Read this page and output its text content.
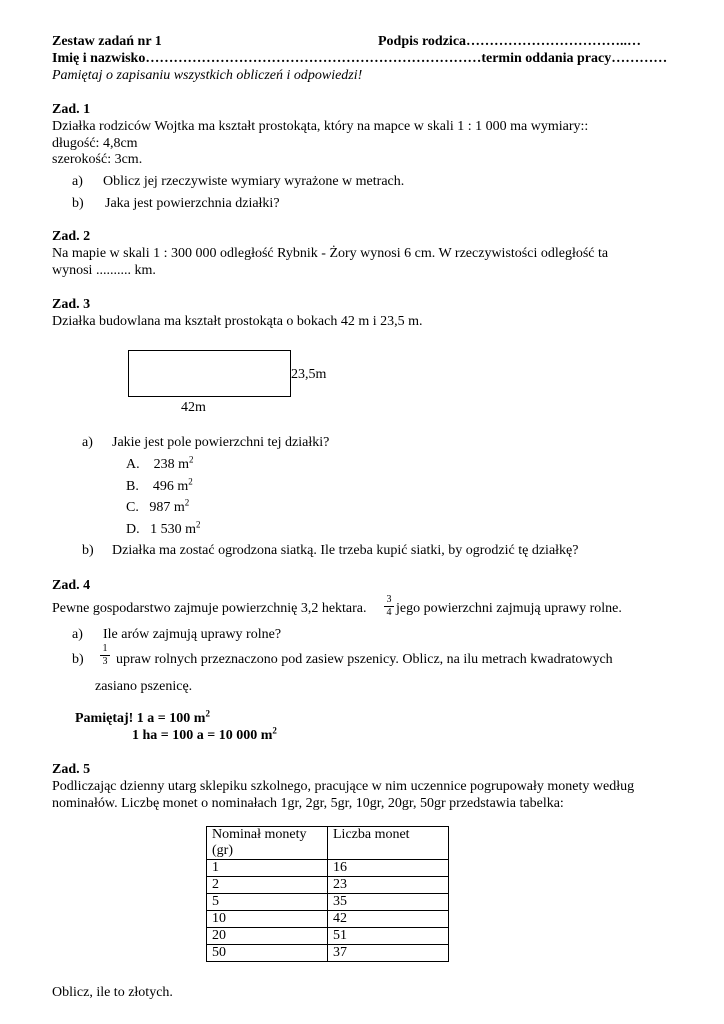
Zestaw zadań nr 1	Podpis rodzica……………………………..…
Imię i nazwisko………………………………………………………………termin oddania pracy…………
Pamiętaj o zapisaniu wszystkich obliczeń i odpowiedzi!
Zad. 1
Działka rodziców Wojtka ma kształt prostokąta, który na mapce w skali 1 : 1 000 ma wymiary::
długość: 4,8cm
szerokość: 3cm.
a) Oblicz jej rzeczywiste wymiary wyrażone w metrach.
b) Jaka jest powierzchnia działki?
Zad. 2
Na mapie w skali 1 : 300 000 odległość Rybnik - Żory wynosi 6 cm. W rzeczywistości odległość ta
wynosi .......... km.
Zad. 3
Działka budowlana ma kształt prostokąta o bokach 42 m i 23,5 m.
23,5m
42m
a) Jakie jest pole powierzchni tej działki?
A. 238 $m^2$
B. 496 $m^2$
C. 987 $m^2$
D. 1 530 $m^2$
b) Działka ma zostać ogrodzona siatką. Ile trzeba kupić siatki, by ogrodzić tę działkę?
Zad. 4
Pewne gospodarstwo zajmuje powierzchnię 3,2 hektara.
3
4 jego powierzchni zajmują uprawy rolne.
a) Ile arów zajmują uprawy rolne?
b)
1
3 upraw rolnych przeznaczono pod zasiew pszenicy. Oblicz, na ilu metrach kwadratowych
zasiano pszenicę.
Pamiętaj! 1 a = 100 $m^2$
1 ha = 100 a = 10 000 $m^2$
Zad. 5
Podliczając dzienny utarg sklepiku szkolnego, pracujące w nim uczennice pogrupowały monety według
nominałów. Liczbę monet o nominałach 1gr, 2gr, 5gr, 10gr, 20gr, 50gr przedstawia tabelka:
Nominał monety
(gr)	Liczba monet
1	16
2	23
5	35
10	42
20	51
50	37
Oblicz, ile to złotych.
